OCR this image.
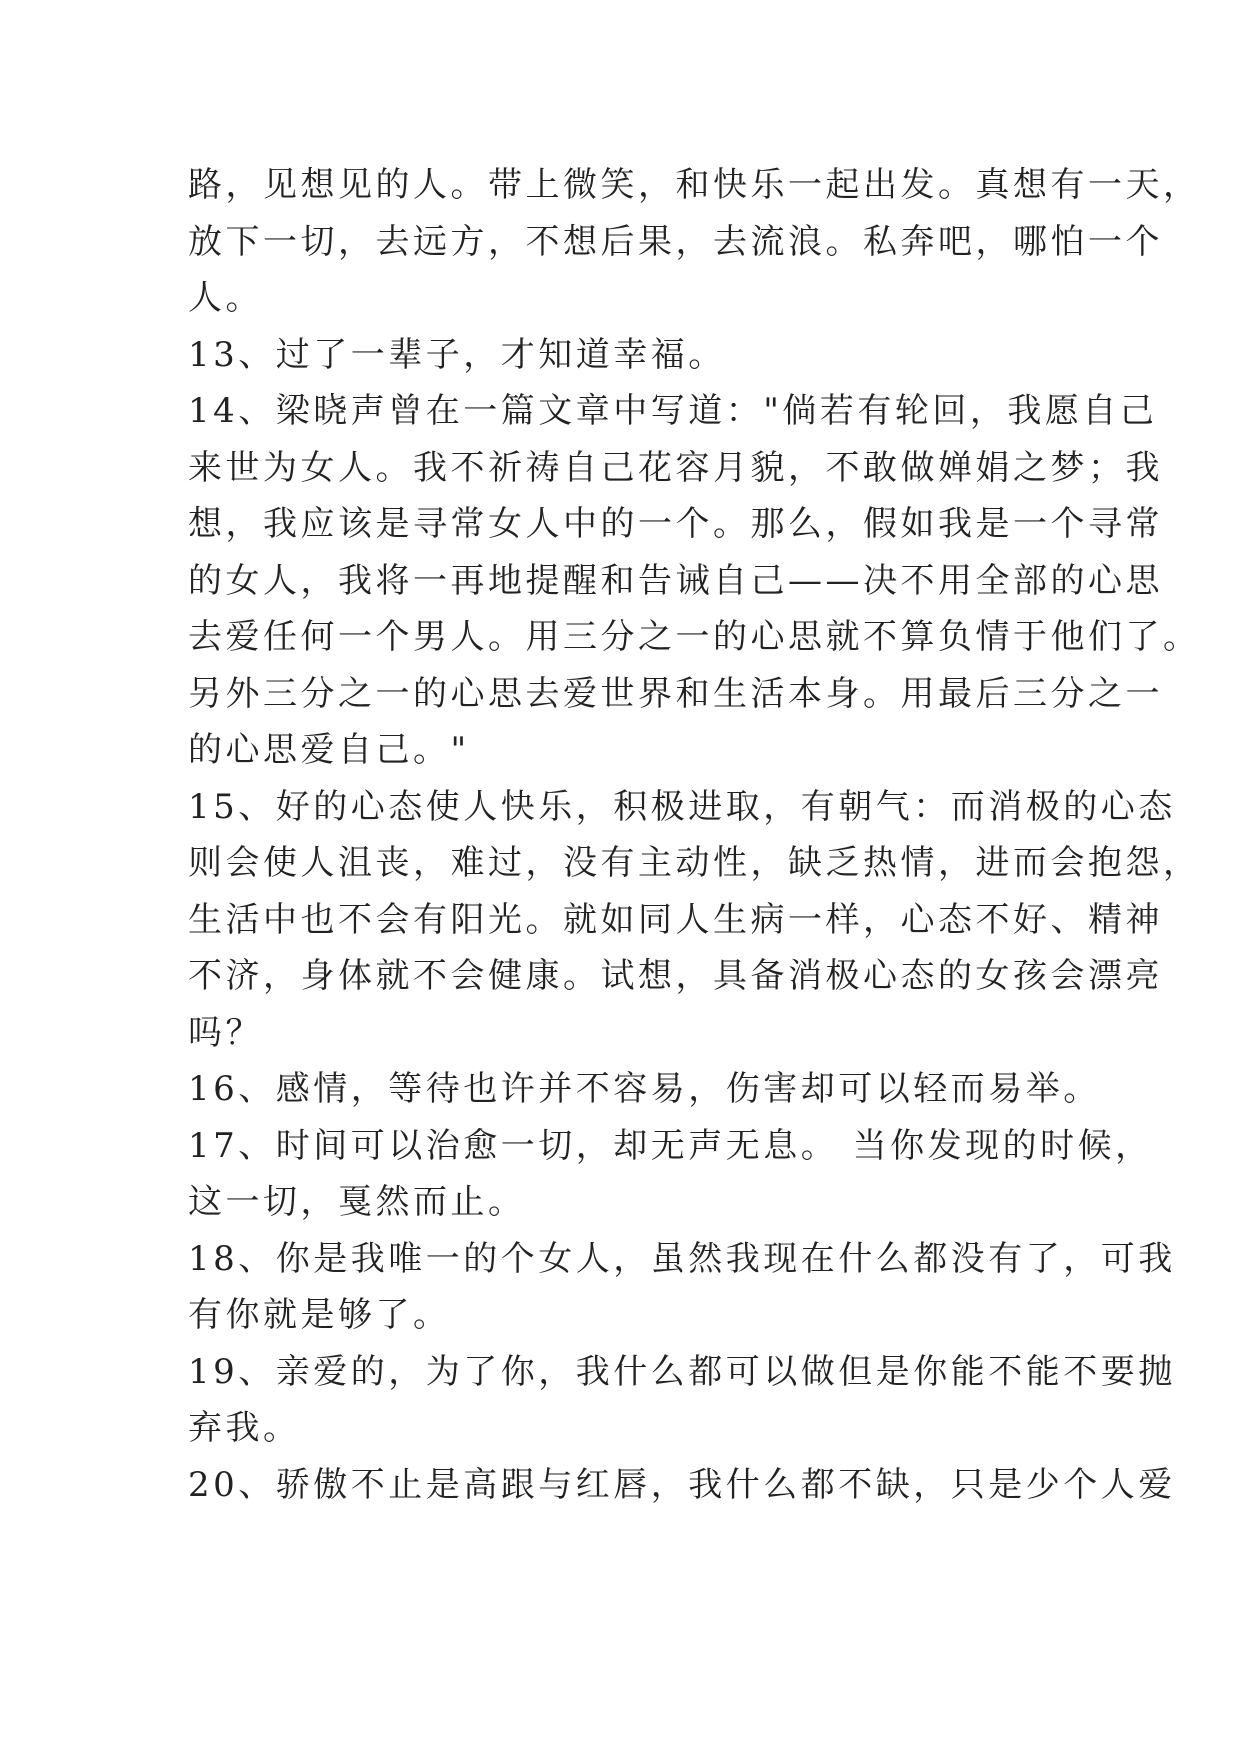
路，见想见的人。带上微笑，和快乐一起出发。真想有一天，
放下一切，去远方，不想后果，去流浪。私奔吧，哪怕一个
人。
13、过了一辈子，才知道幸福。
14、梁晓声曾在一篇文章中写道："倘若有轮回，我愿自己
来世为女人。我不祈祷自己花容月貌，不敢做婵娟之梦；我
想，我应该是寻常女人中的一个。那么，假如我是一个寻常
的女人，我将一再地提醒和告诫自己——决不用全部的心思
去爱任何一个男人。用三分之一的心思就不算负情于他们了。
另外三分之一的心思去爱世界和生活本身。用最后三分之一
的心思爱自己。"
15、好的心态使人快乐，积极进取，有朝气：而消极的心态
则会使人沮丧，难过，没有主动性，缺乏热情，进而会抱怨，
生活中也不会有阳光。就如同人生病一样，心态不好、精神
不济，身体就不会健康。试想，具备消极心态的女孩会漂亮
吗？
16、感情，等待也许并不容易，伤害却可以轻而易举。
17、时间可以治愈一切，却无声无息。 当你发现的时候，
这一切，戛然而止。
18、你是我唯一的个女人，虽然我现在什么都没有了，可我
有你就是够了。
19、亲爱的，为了你，我什么都可以做但是你能不能不要抛
弃我。
20、骄傲不止是高跟与红唇，我什么都不缺，只是少个人爱
